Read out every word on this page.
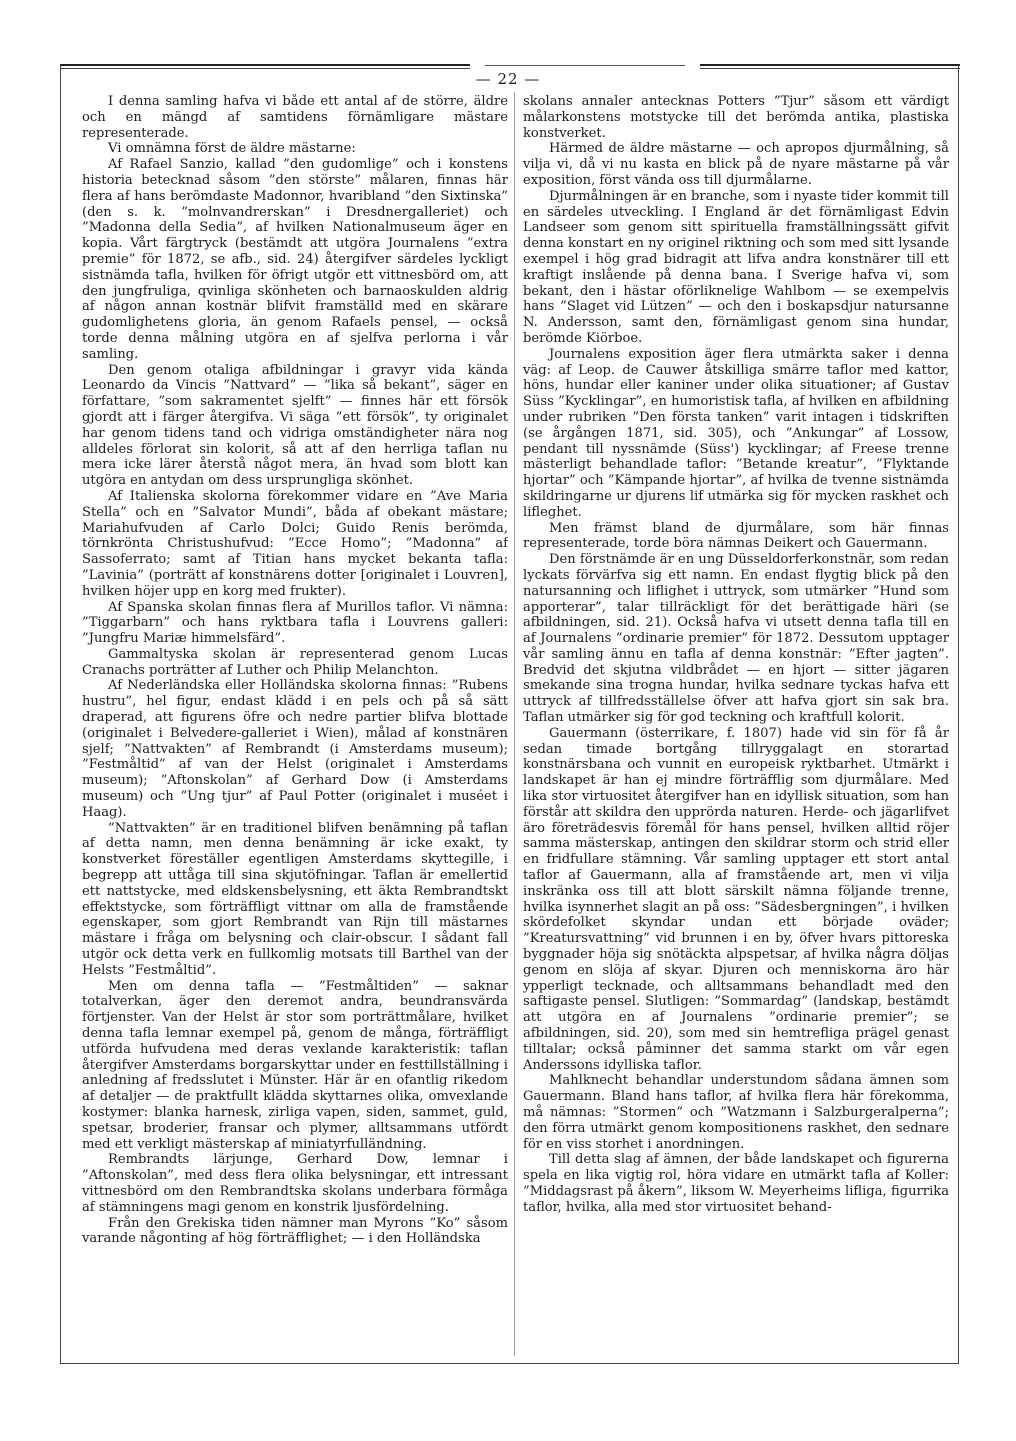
— 22 —

I denna samling hafva vi både ett antal af de större, äldre och en mängd af samtidens förnämligare mästare representerade.

Vi omnämna först de äldre mästarne:

Af Rafael Sanzio, kallad ”den gudomlige” och i konstens historia betecknad såsom ”den störste” målaren, finnas här flera af hans berömdaste Madonnor, hvaribland ”den Sixtinska” (den s. k. ”molnvandrerskan” i Dresdnergalleriet) och ”Madonna della Sedia”, af hvilken Nationalmuseum äger en kopia. Vårt färgtryck (bestämdt att utgöra Journalens ”extra premie” för 1872, se afb., sid. 24) återgifver särdeles lyckligt sistnämda tafla, hvilken för öfrigt utgör ett vittnesbörd om, att den jungfruliga, qvinliga skönheten och barnaoskulden aldrig af någon annan kostnär blifvit framställd med en skärare gudomlighetens gloria, än genom Rafaels pensel, — också torde denna målning utgöra en af sjelfva perlorna i vår samling.

Den genom otaliga afbildningar i gravyr vida kända Leonardo da Vincis ”Nattvard” — ”lika så bekant”, säger en författare, ”som sakramentet sjelft” — finnes här ett försök gjordt att i färger återgifva. Vi säga ”ett försök”, ty originalet har genom tidens tand och vidriga omständigheter nära nog alldeles förlorat sin kolorit, så att af den herrliga taflan nu mera icke lärer återstå något mera, än hvad som blott kan utgöra en antydan om dess ursprungliga skönhet.

Af Italienska skolorna förekommer vidare en ”Ave Maria Stella” och en ”Salvator Mundi”, båda af obekant mästare; Mariahufvuden af Carlo Dolci; Guido Renis berömda, törnkrönta Christushufvud: ”Ecce Homo”; ”Madonna” af Sassoferrato; samt af Titian hans mycket bekanta tafla: ”Lavinia” (porträtt af konstnärens dotter [originalet i Louvren], hvilken höjer upp en korg med frukter).

Af Spanska skolan finnas flera af Murillos taflor. Vi nämna: ”Tiggarbarn” och hans ryktbara tafla i Louvrens galleri: ”Jungfru Mariæ himmelsfärd”.

Gammaltyska skolan är representerad genom Lucas Cranachs porträtter af Luther och Philip Melanchton.

Af Nederländska eller Holländska skolorna finnas: ”Rubens hustru”, hel figur, endast klädd i en pels och på så sätt draperad, att figurens öfre och nedre partier blifva blottade (originalet i Belvedere-galleriet i Wien), målad af konstnären sjelf; ”Nattvakten” af Rembrandt (i Amsterdams museum); ”Festmåltid” af van der Helst (originalet i Amsterdams museum); ”Aftonskolan” af Gerhard Dow (i Amsterdams museum) och ”Ung tjur” af Paul Potter (originalet i muséet i Haag).

”Nattvakten” är en traditionel blifven benämning på taflan af detta namn, men denna benämning är icke exakt, ty konstverket föreställer egentligen Amsterdams skyttegille, i begrepp att uttåga till sina skjutöfningar. Taflan är emellertid ett nattstycke, med eldskensbelysning, ett äkta Rembrandtskt effektstycke, som förträffligt vittnar om alla de framstående egenskaper, som gjort Rembrandt van Rijn till mästarnes mästare i fråga om belysning och clair-obscur. I sådant fall utgör ock detta verk en fullkomlig motsats till Barthel van der Helsts ”Festmåltid”.

Men om denna tafla — ”Festmåltiden” — saknar totalverkan, äger den deremot andra, beundransvärda förtjenster. Van der Helst är stor som porträttmålare, hvilket denna tafla lemnar exempel på, genom de många, förträffligt utförda hufvudena med deras vexlande karakteristik: taflan återgifver Amsterdams borgarskyttar under en festtillställning i anledning af fredsslutet i Münster. Här är en ofantlig rikedom af detaljer — de praktfullt klädda skyttarnes olika, omvexlande kostymer: blanka harnesk, zirliga vapen, siden, sammet, guld, spetsar, broderier, fransar och plymer, alltsammans utfördt med ett verkligt mästerskap af miniatyrfulländning.

Rembrandts lärjunge, Gerhard Dow, lemnar i ”Aftonskolan”, med dess flera olika belysningar, ett intressant vittnesbörd om den Rembrandtska skolans underbara förmåga af stämningens magi genom en konstrik ljusfördelning.

Från den Grekiska tiden nämner man Myrons ”Ko” såsom varande någonting af hög förträfflighet; — i den Holländska

skolans annaler antecknas Potters ”Tjur” såsom ett värdigt målarkonstens motstycke till det berömda antika, plastiska konstverket.

Härmed de äldre mästarne — och apropos djurmålning, så vilja vi, då vi nu kasta en blick på de nyare mästarne på vår exposition, först vända oss till djurmålarne.

Djurmålningen är en branche, som i nyaste tider kommit till en särdeles utveckling. I England är det förnämligast Edvin Landseer som genom sitt spirituella framställningssätt gifvit denna konstart en ny originel riktning och som med sitt lysande exempel i hög grad bidragit att lifva andra konstnärer till ett kraftigt inslående på denna bana. I Sverige hafva vi, som bekant, den i hästar oförliknelige Wahlbom — se exempelvis hans ”Slaget vid Lützen” — och den i boskapsdjur natursanne N. Andersson, samt den, förnämligast genom sina hundar, berömde Kiörboe.

Journalens exposition äger flera utmärkta saker i denna väg: af Leop. de Cauwer åtskilliga smärre taflor med kattor, höns, hundar eller kaniner under olika situationer; af Gustav Süss ”Kycklingar”, en humoristisk tafla, af hvilken en afbildning under rubriken ”Den första tanken” varit intagen i tidskriften (se årgången 1871, sid. 305), och ”Ankungar” af Lossow, pendant till nyssnämde (Süss') kycklingar; af Freese trenne mästerligt behandlade taflor: ”Betande kreatur”, ”Flyktande hjortar” och ”Kämpande hjortar”, af hvilka de tvenne sistnämda skildringarne ur djurens lif utmärka sig för mycken raskhet och lifleghet.

Men främst bland de djurmålare, som här finnas representerade, torde böra nämnas Deikert och Gauermann.

Den förstnämde är en ung Düsseldorferkonstnär, som redan lyckats förvärfva sig ett namn. En endast flygtig blick på den natursanning och liflighet i uttryck, som utmärker ”Hund som apporterar”, talar tillräckligt för det berättigade häri (se afbildningen, sid. 21). Också hafva vi utsett denna tafla till en af Journalens ”ordinarie premier” för 1872. Dessutom upptager vår samling ännu en tafla af denna konstnär: ”Efter jagten”. Bredvid det skjutna vildbrådet — en hjort — sitter jägaren smekande sina trogna hundar, hvilka sednare tyckas hafva ett uttryck af tillfredsställelse öfver att hafva gjort sin sak bra. Taflan utmärker sig för god teckning och kraftfull kolorit.

Gauermann (österrikare, f. 1807) hade vid sin för få år sedan timade bortgång tillryggalagt en storartad konstnärsbana och vunnit en europeisk ryktbarhet. Utmärkt i landskapet är han ej mindre förträfflig som djurmålare. Med lika stor virtuositet återgifver han en idyllisk situation, som han förstår att skildra den upprörda naturen. Herde- och jägarlifvet äro företrädesvis föremål för hans pensel, hvilken alltid röjer samma mästerskap, antingen den skildrar storm och strid eller en fridfullare stämning. Vår samling upptager ett stort antal taflor af Gauermann, alla af framstående art, men vi vilja inskränka oss till att blott särskilt nämna följande trenne, hvilka isynnerhet slagit an på oss: ”Sädesbergningen”, i hvilken skördefolket skyndar undan ett började oväder; ”Kreatursvattning” vid brunnen i en by, öfver hvars pittoreska byggnader höja sig snötäckta alpspetsar, af hvilka några döljas genom en slöja af skyar. Djuren och menniskorna äro här ypperligt tecknade, och alltsammans behandladt med den saftigaste pensel. Slutligen: ”Sommardag” (landskap, bestämdt att utgöra en af Journalens ”ordinarie premier”; se afbildningen, sid. 20), som med sin hemtrefliga prägel genast tilltalar; också påminner det samma starkt om vår egen Anderssons idylliska taflor.

Mahlknecht behandlar understundom sådana ämnen som Gauermann. Bland hans taflor, af hvilka flera här förekomma, må nämnas: ”Stormen” och ”Watzmann i Salzburgeralperna”; den förra utmärkt genom kompositionens raskhet, den sednare för en viss storhet i anordningen.

Till detta slag af ämnen, der både landskapet och figurerna spela en lika vigtig rol, höra vidare en utmärkt tafla af Koller: ”Middagsrast på åkern”, liksom W. Meyerheims lifliga, figurrika taflor, hvilka, alla med stor virtuositet behand-
